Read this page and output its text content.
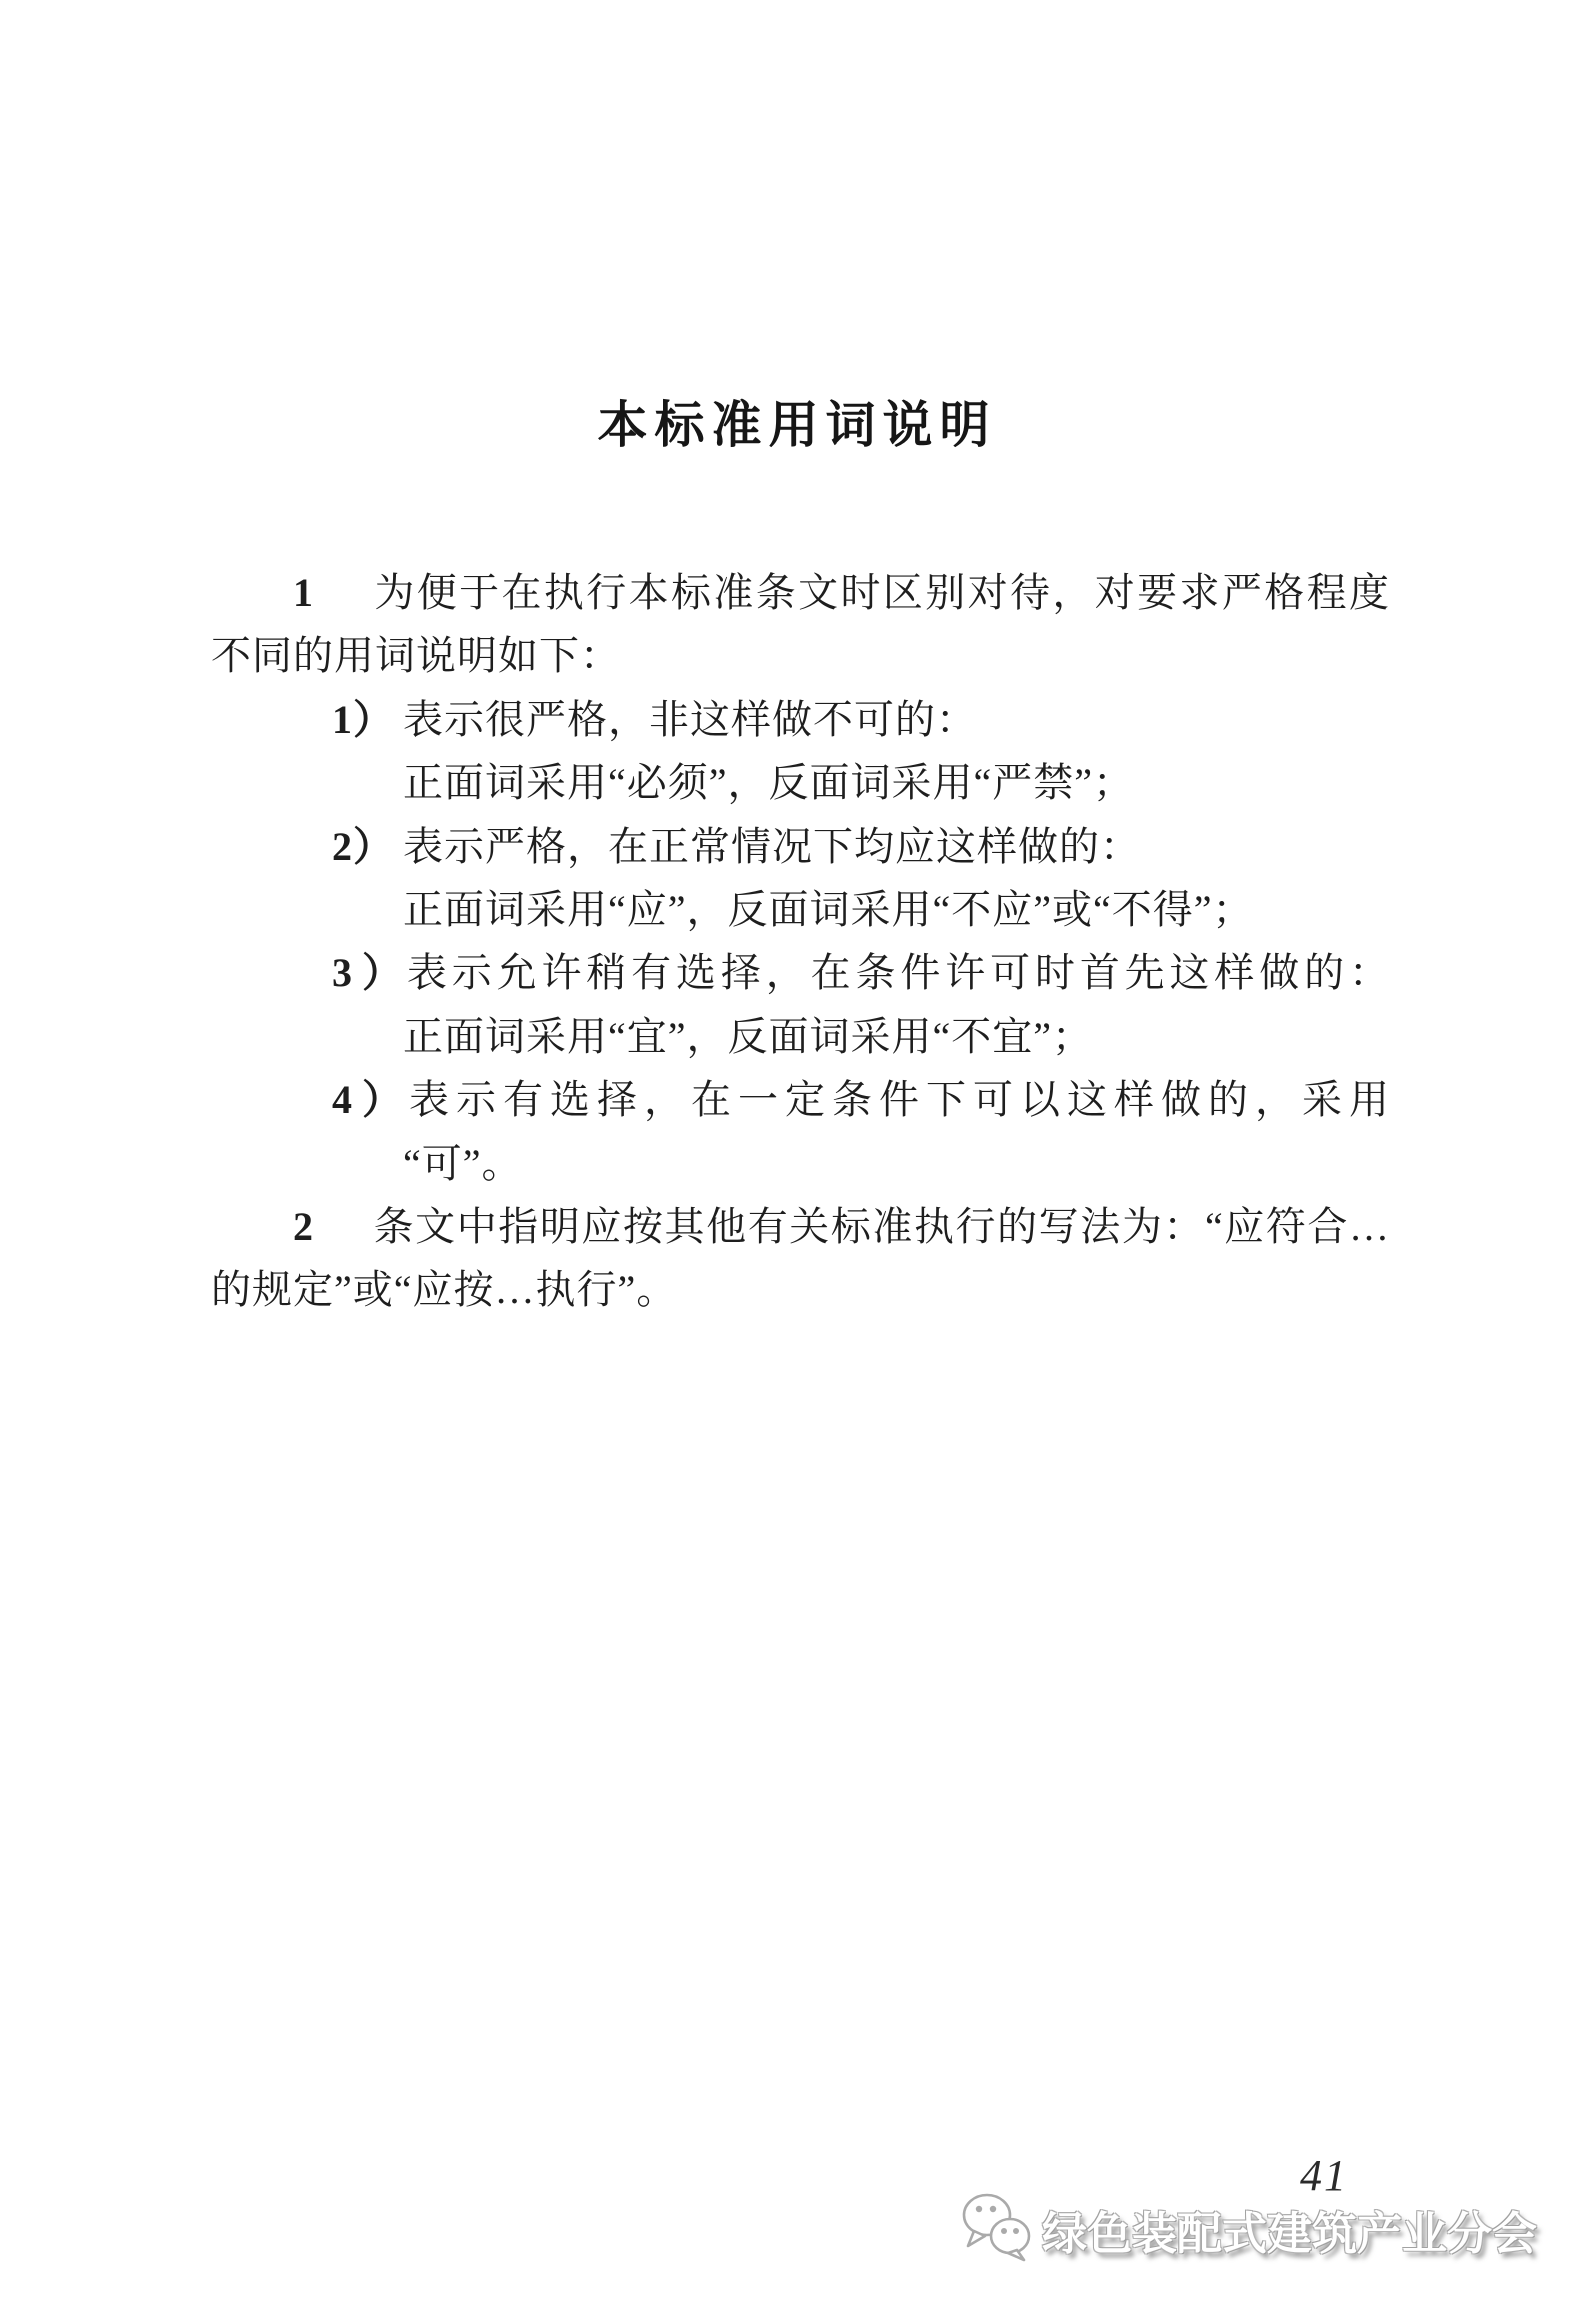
本标准用词说明
1 为便于在执行本标准条文时区别对待，对要求严格程度
不同的用词说明如下：
1） 表示很严格，非这样做不可的：
正面词采用“必须”，反面词采用“严禁”；
2） 表示严格，在正常情况下均应这样做的：
正面词采用“应”，反面词采用“不应”或“不得”；
3）表示允许稍有选择，在条件许可时首先这样做的：
正面词采用“宜”，反面词采用“不宜”；
4）表示有选择，在一定条件下可以这样做的，采用
“可”。
2 条文中指明应按其他有关标准执行的写法为：“应符合…
的规定”或“应按…执行”。
41
绿色装配式建筑产业分会
